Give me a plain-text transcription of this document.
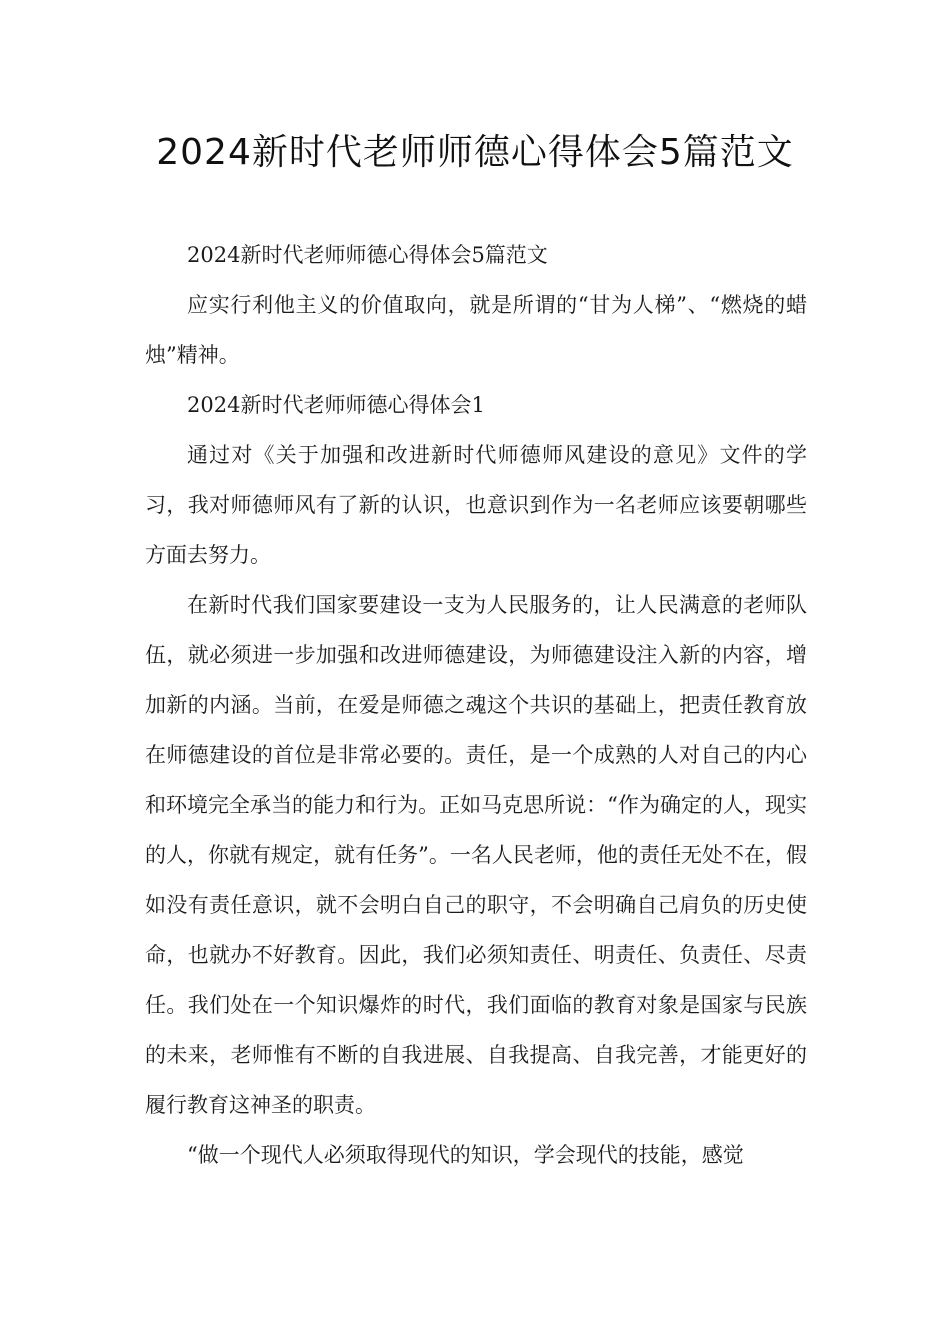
2024新时代老师师德心得体会5篇范文

2024新时代老师师德心得体会5篇范文

应实行利他主义的价值取向，就是所谓的“甘为人梯”、“燃烧的蜡烛”精神。

2024新时代老师师德心得体会1

通过对《关于加强和改进新时代师德师风建设的意见》文件的学习，我对师德师风有了新的认识，也意识到作为一名老师应该要朝哪些方面去努力。

在新时代我们国家要建设一支为人民服务的，让人民满意的老师队伍，就必须进一步加强和改进师德建设，为师德建设注入新的内容，增加新的内涵。当前，在爱是师德之魂这个共识的基础上，把责任教育放在师德建设的首位是非常必要的。责任，是一个成熟的人对自己的内心和环境完全承当的能力和行为。正如马克思所说：“作为确定的人，现实的人，你就有规定，就有任务”。一名人民老师，他的责任无处不在，假如没有责任意识，就不会明白自己的职守，不会明确自己肩负的历史使命，也就办不好教育。因此，我们必须知责任、明责任、负责任、尽责任。我们处在一个知识爆炸的时代，我们面临的教育对象是国家与民族的未来，老师惟有不断的自我进展、自我提高、自我完善，才能更好的履行教育这神圣的职责。

“做一个现代人必须取得现代的知识，学会现代的技能，感觉
